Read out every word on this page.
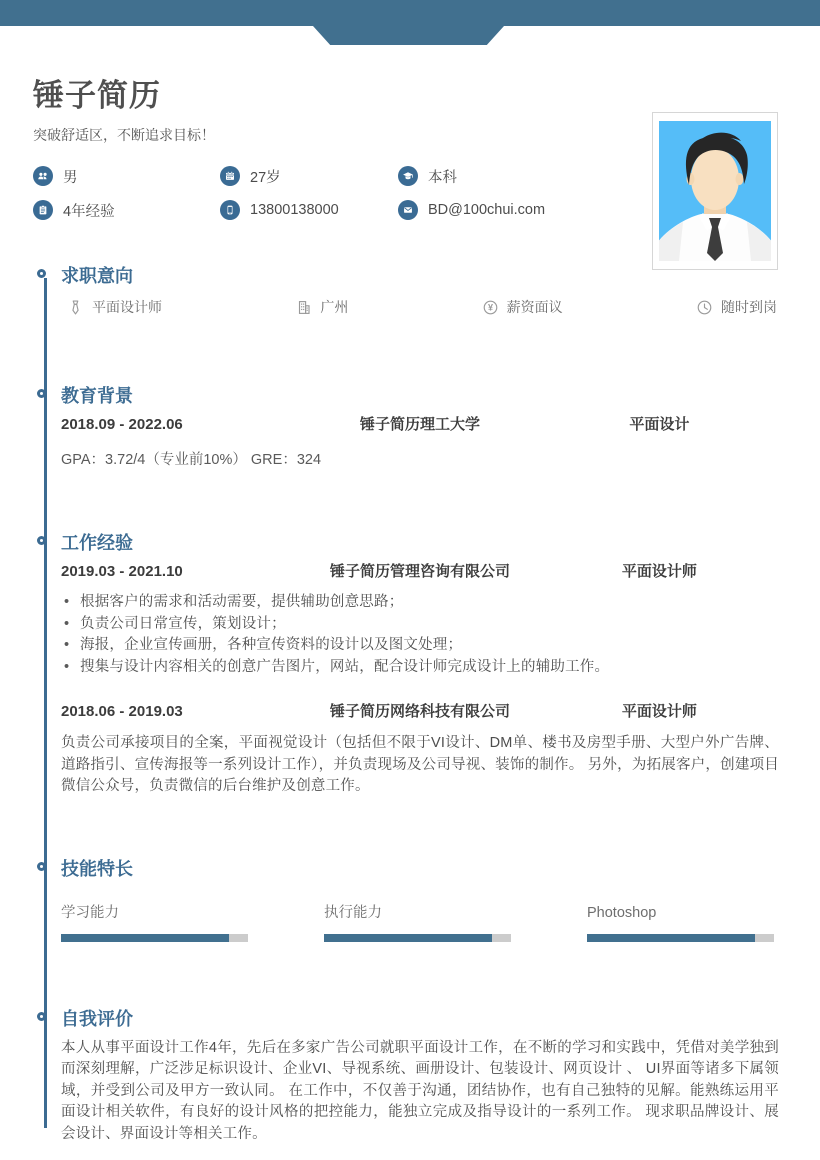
锤子简历
突破舒适区，不断追求目标！
男	27岁	本科
4年经验	13800138000	BD@100chui.com
求职意向
平面设计师	广州	¥ 薪资面议	随时到岗
教育背景
2018.09 - 2022.06	锤子简历理工大学	平面设计
GPA：3.72/4（专业前10%） GRE：324
工作经验
2019.03 - 2021.10	锤子简历管理咨询有限公司	平面设计师
• 根据客户的需求和活动需要，提供辅助创意思路；
• 负责公司日常宣传，策划设计；
• 海报，企业宣传画册，各种宣传资料的设计以及图文处理；
• 搜集与设计内容相关的创意广告图片，网站，配合设计师完成设计上的辅助工作。
2018.06 - 2019.03	锤子简历网络科技有限公司	平面设计师
负责公司承接项目的全案，平面视觉设计（包括但不限于VI设计、DM单、楼书及房型手册、大型户外广告牌、道路指引、宣传海报等一系列设计工作），并负责现场及公司导视、装饰的制作。 另外，为拓展客户，创建项目微信公众号，负责微信的后台维护及创意工作。
技能特长
学习能力	执行能力	Photoshop
自我评价
本人从事平面设计工作4年，先后在多家广告公司就职平面设计工作，在不断的学习和实践中，凭借对美学独到而深刻理解，广泛涉足标识设计、企业VI、导视系统、画册设计、包装设计、网页设计 、 UI界面等诸多下属领域，并受到公司及甲方一致认同。 在工作中，不仅善于沟通，团结协作，也有自己独特的见解。能熟练运用平面设计相关软件，有良好的设计风格的把控能力，能独立完成及指导设计的一系列工作。 现求职品牌设计、展会设计、界面设计等相关工作。
